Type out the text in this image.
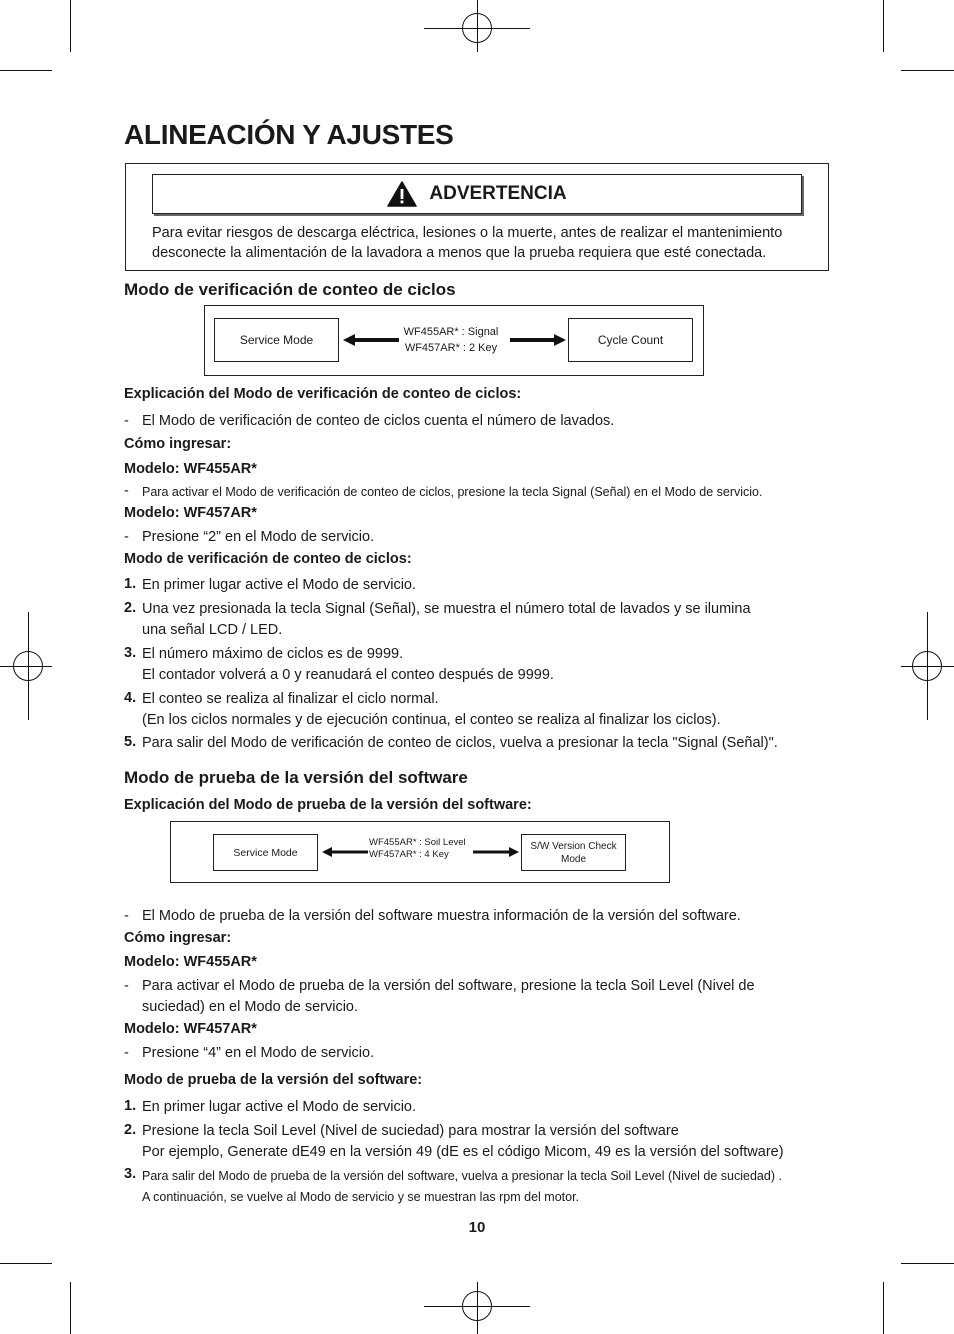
ALINEACIÓN Y AJUSTES
ADVERTENCIA
Para evitar riesgos de descarga eléctrica, lesiones o la muerte, antes de realizar el mantenimiento desconecte la alimentación de la lavadora a menos que la prueba requiera que esté conectada.
Modo de verificación de conteo de ciclos
Service Mode
WF455AR* : Signal
WF457AR* : 2 Key
Cycle Count
Explicación del Modo de verificación de conteo de ciclos:
- El Modo de verificación de conteo de ciclos cuenta el número de lavados.
Cómo ingresar:
Modelo: WF455AR*
- Para activar el Modo de verificación de conteo de ciclos, presione la tecla Signal (Señal) en el Modo de servicio.
Modelo: WF457AR*
- Presione “2” en el Modo de servicio.
Modo de verificación de conteo de ciclos:
1. En primer lugar active el Modo de servicio.
2. Una vez presionada la tecla Signal (Señal), se muestra el número total de lavados y se ilumina
una señal LCD / LED.
3. El número máximo de ciclos es de 9999.
El contador volverá a 0 y reanudará el conteo después de 9999.
4. El conteo se realiza al finalizar el ciclo normal.
(En los ciclos normales y de ejecución continua, el conteo se realiza al finalizar los ciclos).
5. Para salir del Modo de verificación de conteo de ciclos, vuelva a presionar la tecla "Signal (Señal)".
Modo de prueba de la versión del software
Explicación del Modo de prueba de la versión del software:
Service Mode
WF455AR* : Soil Level
WF457AR* : 4 Key
S/W Version Check
Mode
- El Modo de prueba de la versión del software muestra información de la versión del software.
Cómo ingresar:
Modelo: WF455AR*
- Para activar el Modo de prueba de la versión del software, presione la tecla Soil Level (Nivel de
suciedad) en el Modo de servicio.
Modelo: WF457AR*
- Presione “4” en el Modo de servicio.
Modo de prueba de la versión del software:
1. En primer lugar active el Modo de servicio.
2. Presione la tecla Soil Level (Nivel de suciedad) para mostrar la versión del software
Por ejemplo, Generate dE49 en la versión 49 (dE es el código Micom, 49 es la versión del software)
3. Para salir del Modo de prueba de la versión del software, vuelva a presionar la tecla Soil Level (Nivel de suciedad) .
A continuación, se vuelve al Modo de servicio y se muestran las rpm del motor.
10
